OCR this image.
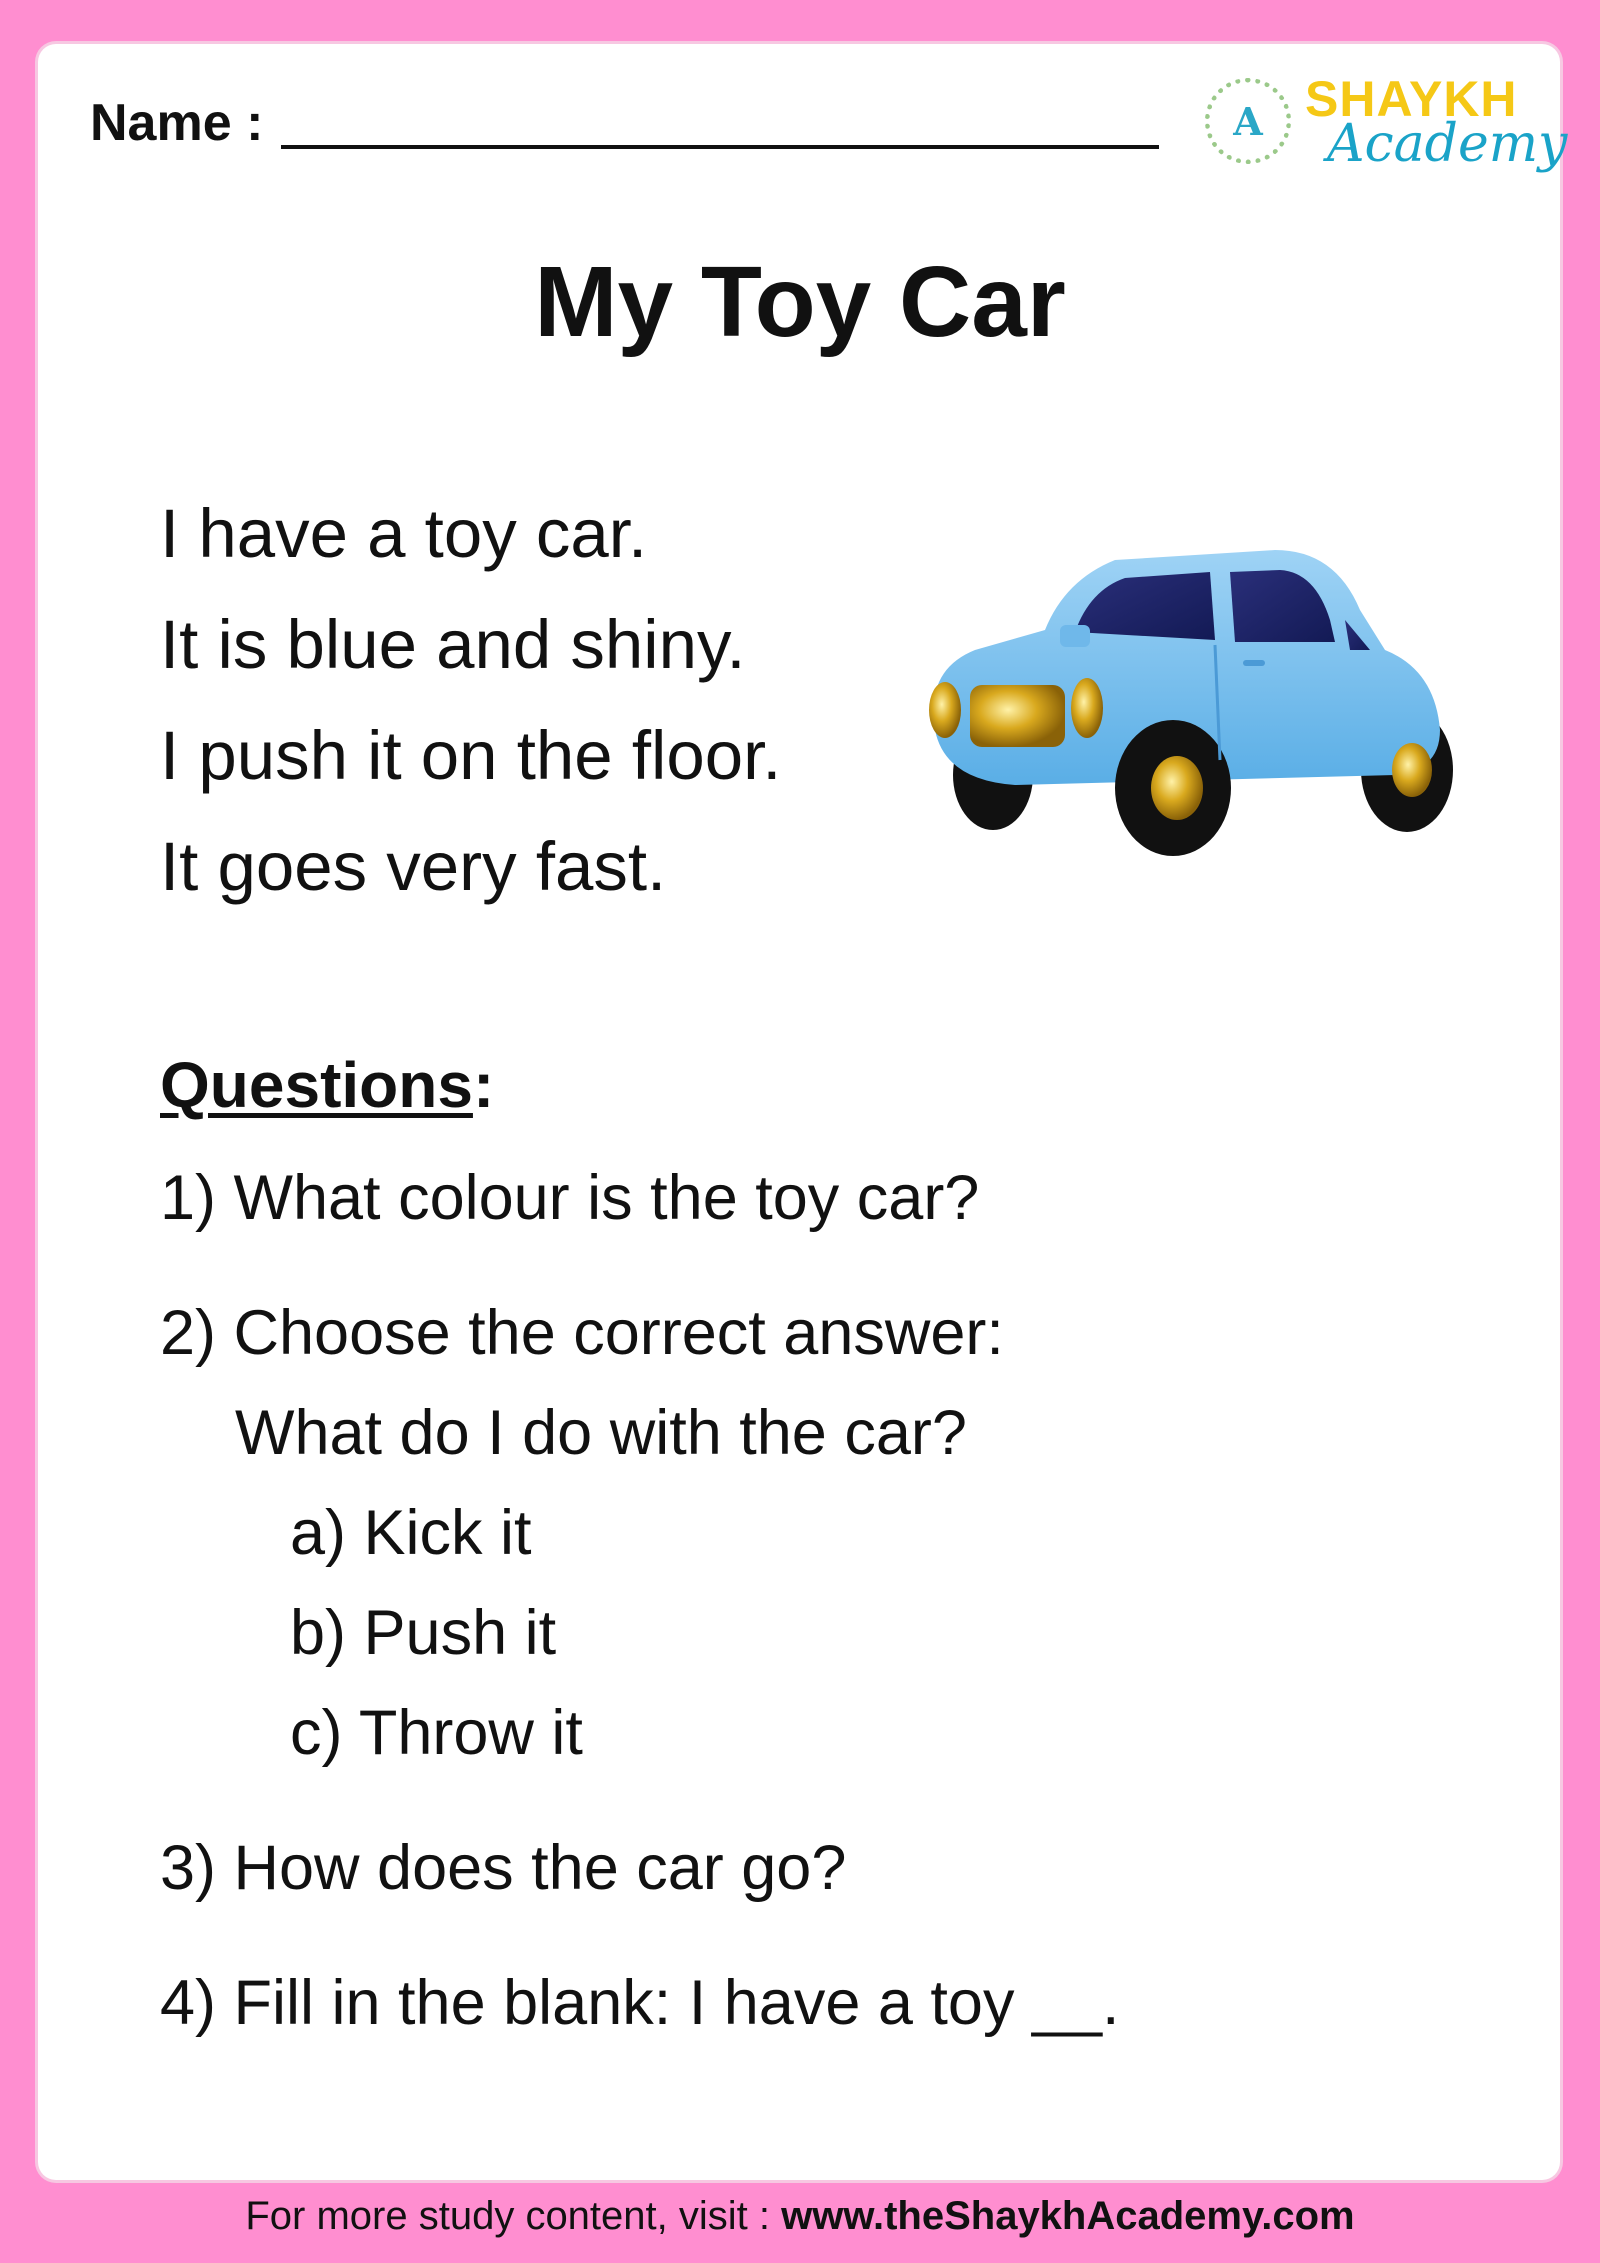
Name :	A SHAYKH
Academy
My Toy Car
I have a toy car.
It is blue and shiny.
I push it on the floor.
It goes very fast.
Questions:
1) What colour is the toy car?
2) Choose the correct answer:
What do I do with the car?
a) Kick it
b) Push it
c) Throw it
3) How does the car go?
4) Fill in the blank: I have a toy __.
For more study content, visit : www.theShaykhAcademy.com
